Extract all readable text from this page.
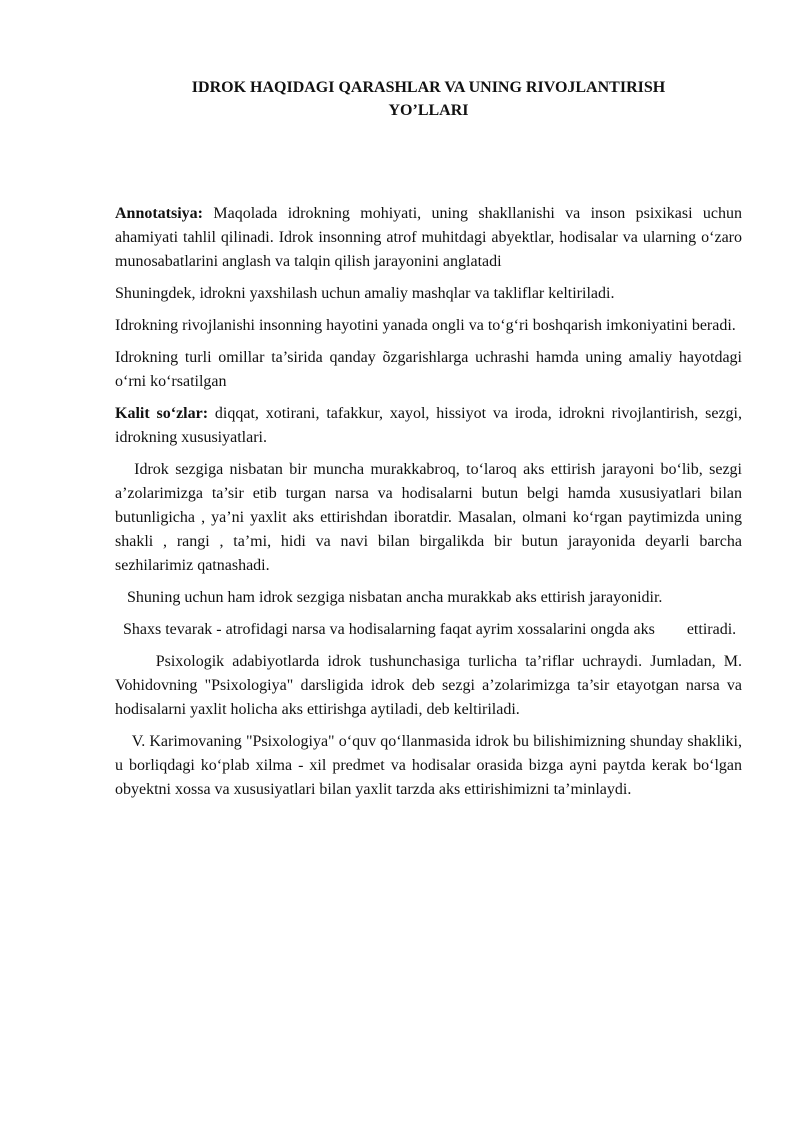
IDROK HAQIDAGI QARASHLAR VA UNING RIVOJLANTIRISH
YO’LLARI

Annotatsiya: Maqolada idrokning mohiyati, uning shakllanishi va inson psixikasi uchun ahamiyati tahlil qilinadi. Idrok insonning atrof muhitdagi abyektlar, hodisalar va ularning o‘zaro munosabatlarini anglash va talqin qilish jarayonini anglatadi

Shuningdek, idrokni yaxshilash uchun amaliy mashqlar va takliflar keltiriladi.

Idrokning rivojlanishi insonning hayotini yanada ongli va to‘g‘ri boshqarish imkoniyatini beradi.

Idrokning turli omillar ta’sirida qanday õzgarishlarga uchrashi hamda uning amaliy hayotdagi o‘rni ko‘rsatilgan

Kalit so‘zlar: diqqat, xotirani, tafakkur, xayol, hissiyot va iroda, idrokni rivojlantirish, sezgi, idrokning xususiyatlari.

Idrok sezgiga nisbatan bir muncha murakkabroq, to‘laroq aks ettirish jarayoni bo‘lib, sezgi a’zolarimizga ta’sir etib turgan narsa va hodisalarni butun belgi hamda xususiyatlari bilan butunligicha , ya’ni yaxlit aks ettirishdan iboratdir. Masalan, olmani ko‘rgan paytimizda uning shakli , rangi , ta’mi, hidi va navi bilan birgalikda bir butun jarayonida deyarli barcha sezhilarimiz qatnashadi.

Shuning uchun ham idrok sezgiga nisbatan ancha murakkab aks ettirish jarayonidir.

Shaxs tevarak - atrofidagi narsa va hodisalarning faqat ayrim xossalarini ongda aks        ettiradi.

Psixologik adabiyotlarda idrok tushunchasiga turlicha ta’riflar uchraydi. Jumladan, M. Vohidovning "Psixologiya" darsligida idrok deb sezgi a’zolarimizga ta’sir etayotgan narsa va hodisalarni yaxlit holicha aks ettirishga aytiladi, deb keltiriladi.

V. Karimovaning "Psixologiya" o‘quv qo‘llanmasida idrok bu bilishimizning shunday shakliki, u borliqdagi ko‘plab xilma - xil predmet va hodisalar orasida bizga ayni paytda kerak bo‘lgan obyektni xossa va xususiyatlari bilan yaxlit tarzda aks ettirishimizni ta’minlaydi.
